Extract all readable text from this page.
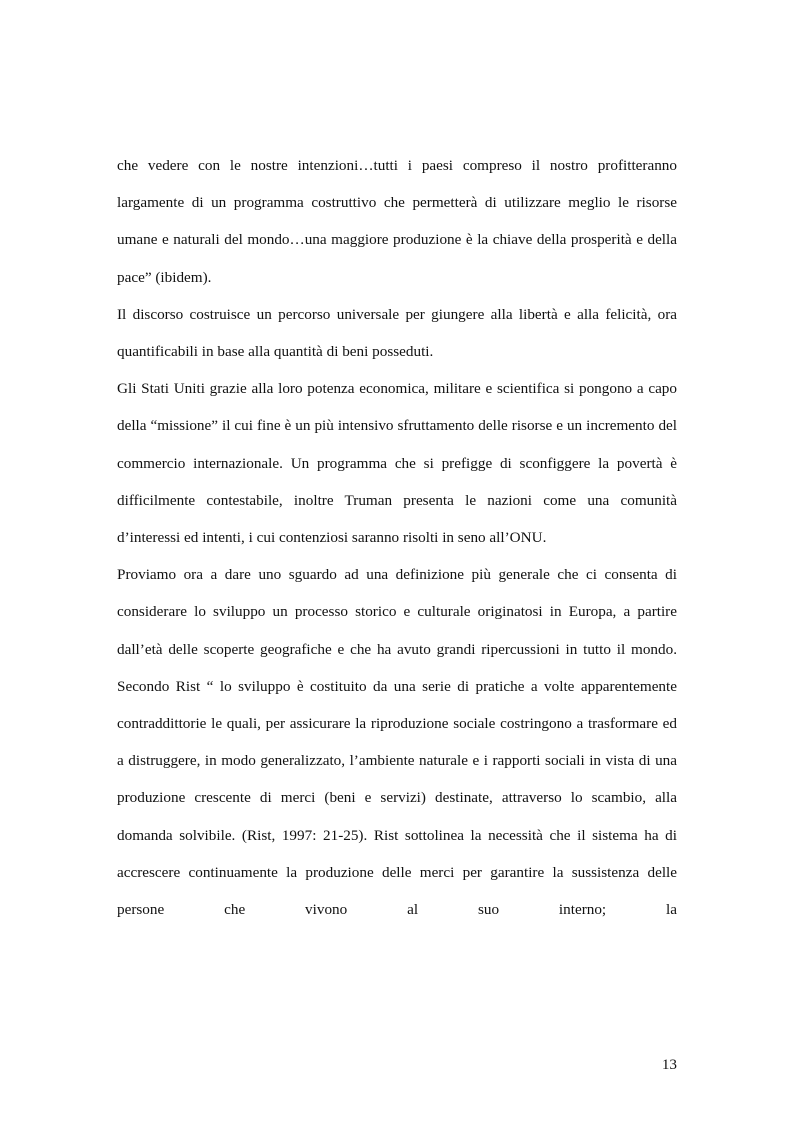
che vedere con le nostre intenzioni…tutti i paesi compreso il nostro profitteranno largamente di un programma costruttivo che permetterà di utilizzare meglio le risorse umane e naturali del mondo…una maggiore produzione è la chiave della prosperità e della pace” (ibidem).

Il discorso costruisce un percorso universale per giungere alla libertà e alla felicità, ora quantificabili in base alla quantità di beni posseduti.

Gli Stati Uniti grazie alla loro potenza economica, militare e scientifica si pongono a capo della “missione” il cui fine è un più intensivo sfruttamento delle risorse e un incremento del commercio internazionale. Un programma che si prefigge di sconfiggere la povertà è difficilmente contestabile, inoltre Truman presenta le nazioni come una comunità d’interessi ed intenti, i cui contenziosi saranno risolti in seno all’ONU.

Proviamo ora a dare uno sguardo ad una definizione più generale che ci consenta di considerare lo sviluppo un processo storico e culturale originatosi in Europa, a partire dall’età delle scoperte geografiche e che ha avuto grandi ripercussioni in tutto il mondo. Secondo Rist “ lo sviluppo è costituito da una serie di pratiche a volte apparentemente contraddittorie le quali, per assicurare la riproduzione sociale costringono a trasformare ed a distruggere, in modo generalizzato, l’ambiente naturale e i rapporti sociali in vista di una produzione crescente di merci (beni e servizi) destinate, attraverso lo scambio, alla domanda solvibile. (Rist, 1997: 21-25). Rist sottolinea la necessità che il sistema ha di accrescere continuamente la produzione delle merci per garantire la sussistenza delle persone che vivono al suo interno; la

13
